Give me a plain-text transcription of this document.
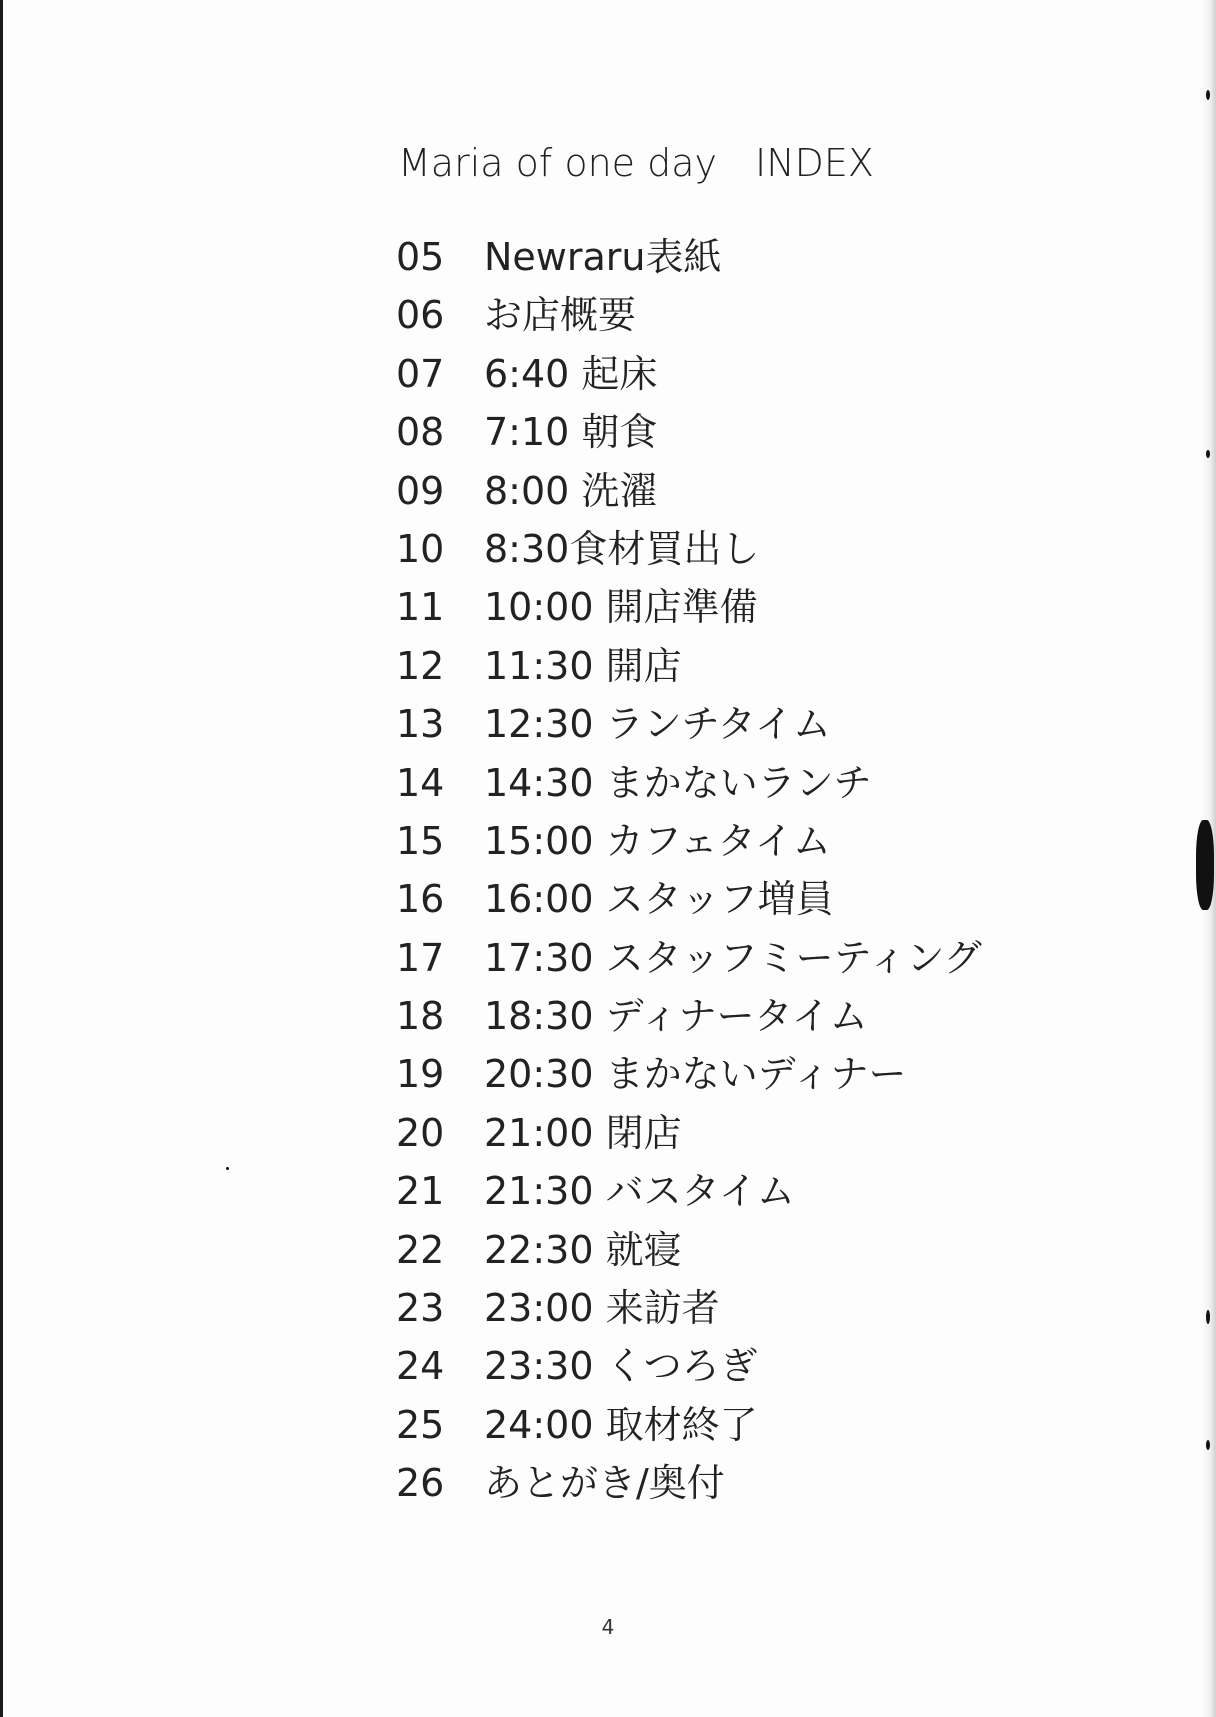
Maria of one day　INDEX
05	Newraru表紙
06	お店概要
07	6:40 起床
08	7:10 朝食
09	8:00 洗濯
10	8:30食材買出し
11	10:00 開店準備
12	11:30 開店
13	12:30 ランチタイム
14	14:30 まかないランチ
15	15:00 カフェタイム
16	16:00 スタッフ増員
17	17:30 スタッフミーティング
18	18:30 ディナータイム
19	20:30 まかないディナー
20	21:00 閉店
21	21:30 バスタイム
22	22:30 就寝
23	23:00 来訪者
24	23:30 くつろぎ
25	24:00 取材終了
26	あとがき/奥付
4
